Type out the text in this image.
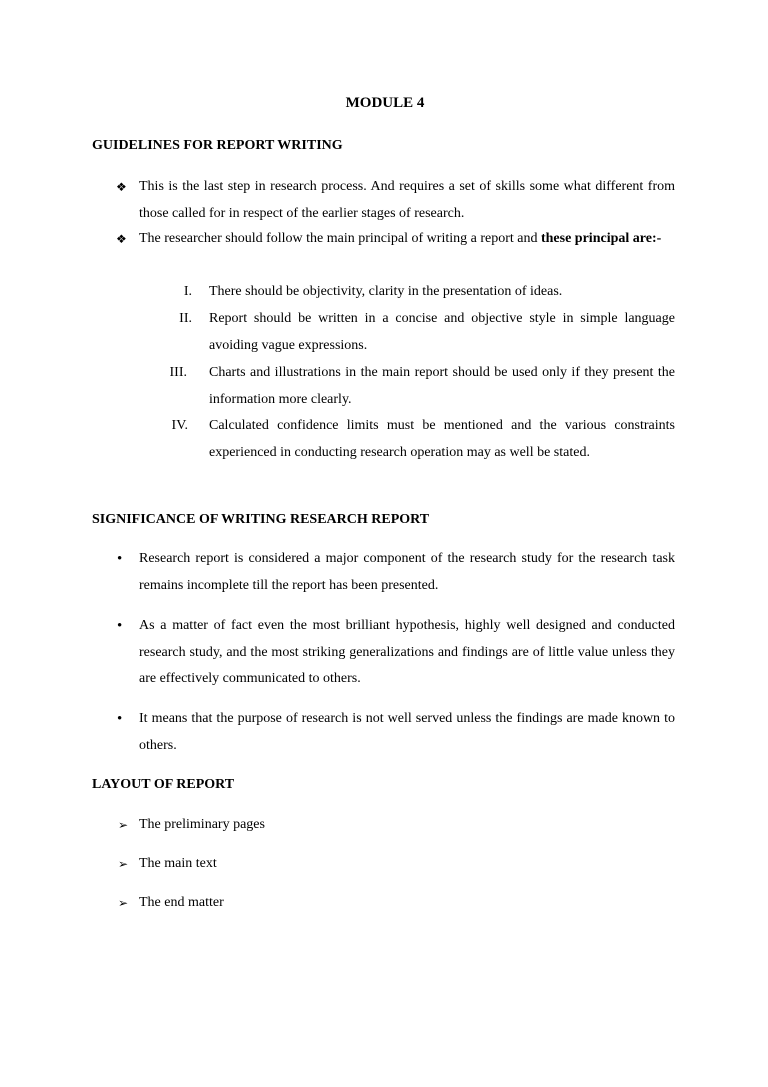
MODULE 4
GUIDELINES FOR REPORT WRITING
❖ This is the last step in research process. And requires a set of skills some what different from those called for in respect of the earlier stages of research.

❖ The researcher should follow the main principal of writing a report and these principal are:-

I. There should be objectivity, clarity in the presentation of ideas.

II. Report should be written in a concise and objective style in simple language avoiding vague expressions.

III. Charts and illustrations in the main report should be used only if they present the information more clearly.

IV. Calculated confidence limits must be mentioned and the various constraints experienced in conducting research operation may as well be stated.

SIGNIFICANCE OF WRITING RESEARCH REPORT
• Research report is considered a major component of the research study for the research task remains incomplete till the report has been presented.

• As a matter of fact even the most brilliant hypothesis, highly well designed and conducted research study, and the most striking generalizations and findings are of little value unless they are effectively communicated to others.

• It means that the purpose of research is not well served unless the findings are made known to others.

LAYOUT OF REPORT
➢ The preliminary pages

➢ The main text

➢ The end matter
